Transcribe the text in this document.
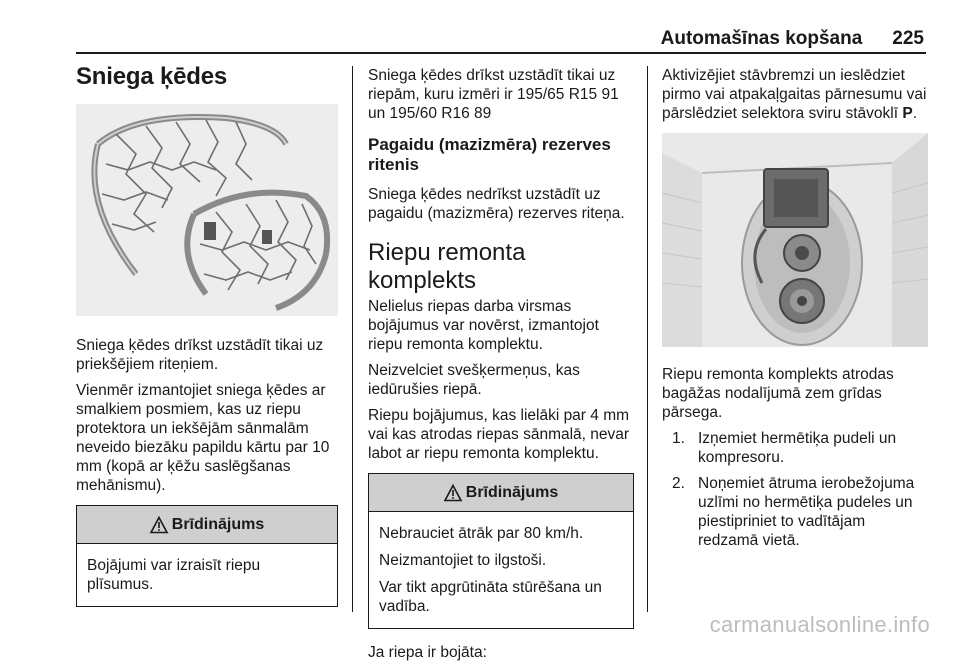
Automašīnas kopšana 225
Sniega ķēdes

Sniega ķēdes drīkst uzstādīt tikai uz priekšējiem riteņiem.

Vienmēr izmantojiet sniega ķēdes ar smalkiem posmiem, kas uz riepu protektora un iekšējām sānmalām neveido biezāku papildu kārtu par 10 mm (kopā ar ķēžu saslēgšanas mehānismu).

Brīdinājums

Bojājumi var izraisīt riepu plīsumus.

Sniega ķēdes drīkst uzstādīt tikai uz riepām, kuru izmēri ir 195/65 R15 91 un 195/60 R16 89

Pagaidu (mazizmēra) rezerves ritenis

Sniega ķēdes nedrīkst uzstādīt uz pagaidu (mazizmēra) rezerves riteņa.

Riepu remonta komplekts

Nelielus riepas darba virsmas bojājumus var novērst, izmantojot riepu remonta komplektu.

Neizvelciet svešķermeņus, kas iedūrušies riepā.

Riepu bojājumus, kas lielāki par 4 mm vai kas atrodas riepas sānmalā, nevar labot ar riepu remonta komplektu.

Brīdinājums

Nebrauciet ātrāk par 80 km/h.

Neizmantojiet to ilgstoši.

Var tikt apgrūtināta stūrēšana un vadība.

Ja riepa ir bojāta:

Aktivizējiet stāvbremzi un ieslēdziet pirmo vai atpakaļgaitas pārnesumu vai pārslēdziet selektora sviru stāvoklī P.

Riepu remonta komplekts atrodas bagāžas nodalījumā zem grīdas pārsega.

1. Izņemiet hermētiķa pudeli un kompresoru.
2. Noņemiet ātruma ierobežojuma uzlīmi no hermētiķa pudeles un piestipriniet to vadītājam redzamā vietā.
carmanualsonline.info
